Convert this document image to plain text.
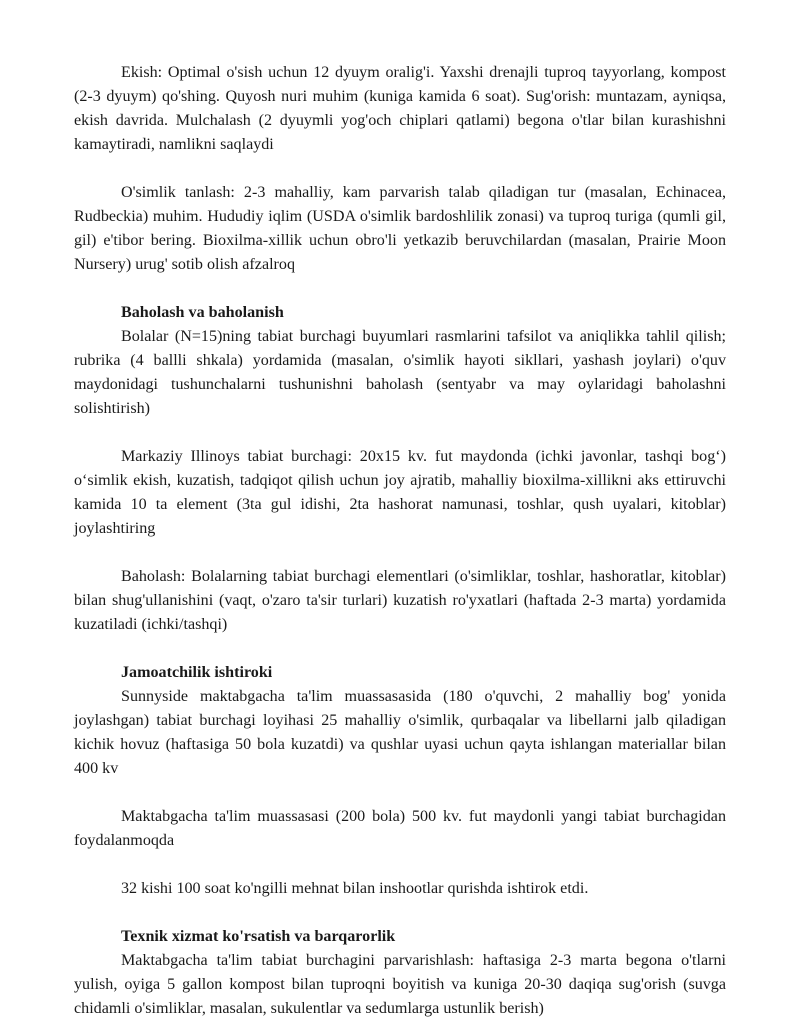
Ekish: Optimal o'sish uchun 12 dyuym oralig'i. Yaxshi drenajli tuproq tayyorlang, kompost (2-3 dyuym) qo'shing. Quyosh nuri muhim (kuniga kamida 6 soat). Sug'orish: muntazam, ayniqsa, ekish davrida. Mulchalash (2 dyuymli yog'och chiplari qatlami) begona o'tlar bilan kurashishni kamaytiradi, namlikni saqlaydi

O'simlik tanlash: 2-3 mahalliy, kam parvarish talab qiladigan tur (masalan, Echinacea, Rudbeckia) muhim. Hududiy iqlim (USDA o'simlik bardoshlilik zonasi) va tuproq turiga (qumli gil, gil) e'tibor bering. Bioxilma-xillik uchun obro'li yetkazib beruvchilardan (masalan, Prairie Moon Nursery) urug' sotib olish afzalroq

Baholash va baholanish

Bolalar (N=15)ning tabiat burchagi buyumlari rasmlarini tafsilot va aniqlikka tahlil qilish; rubrika (4 ballli shkala) yordamida (masalan, o'simlik hayoti sikllari, yashash joylari) o'quv maydonidagi tushunchalarni tushunishni baholash (sentyabr va may oylaridagi baholashni solishtirish)

Markaziy Illinoys tabiat burchagi: 20x15 kv. fut maydonda (ichki javonlar, tashqi bog‘) o‘simlik ekish, kuzatish, tadqiqot qilish uchun joy ajratib, mahalliy bioxilma-xillikni aks ettiruvchi kamida 10 ta element (3ta gul idishi, 2ta hashorat namunasi, toshlar, qush uyalari, kitoblar) joylashtiring

Baholash: Bolalarning tabiat burchagi elementlari (o'simliklar, toshlar, hashoratlar, kitoblar) bilan shug'ullanishini (vaqt, o'zaro ta'sir turlari) kuzatish ro'yxatlari (haftada 2-3 marta) yordamida kuzatiladi (ichki/tashqi)

Jamoatchilik ishtiroki

Sunnyside maktabgacha ta'lim muassasasida (180 o'quvchi, 2 mahalliy bog' yonida joylashgan) tabiat burchagi loyihasi 25 mahalliy o'simlik, qurbaqalar va libellarni jalb qiladigan kichik hovuz (haftasiga 50 bola kuzatdi) va qushlar uyasi uchun qayta ishlangan materiallar bilan 400 kv

Maktabgacha ta'lim muassasasi (200 bola) 500 kv. fut maydonli yangi tabiat burchagidan foydalanmoqda

32 kishi 100 soat ko'ngilli mehnat bilan inshootlar qurishda ishtirok etdi.

Texnik xizmat ko'rsatish va barqarorlik

Maktabgacha ta'lim tabiat burchagini parvarishlash: haftasiga 2-3 marta begona o'tlarni yulish, oyiga 5 gallon kompost bilan tuproqni boyitish va kuniga 20-30 daqiqa sug'orish (suvga chidamli o'simliklar, masalan, sukulentlar va sedumlarga ustunlik berish)
